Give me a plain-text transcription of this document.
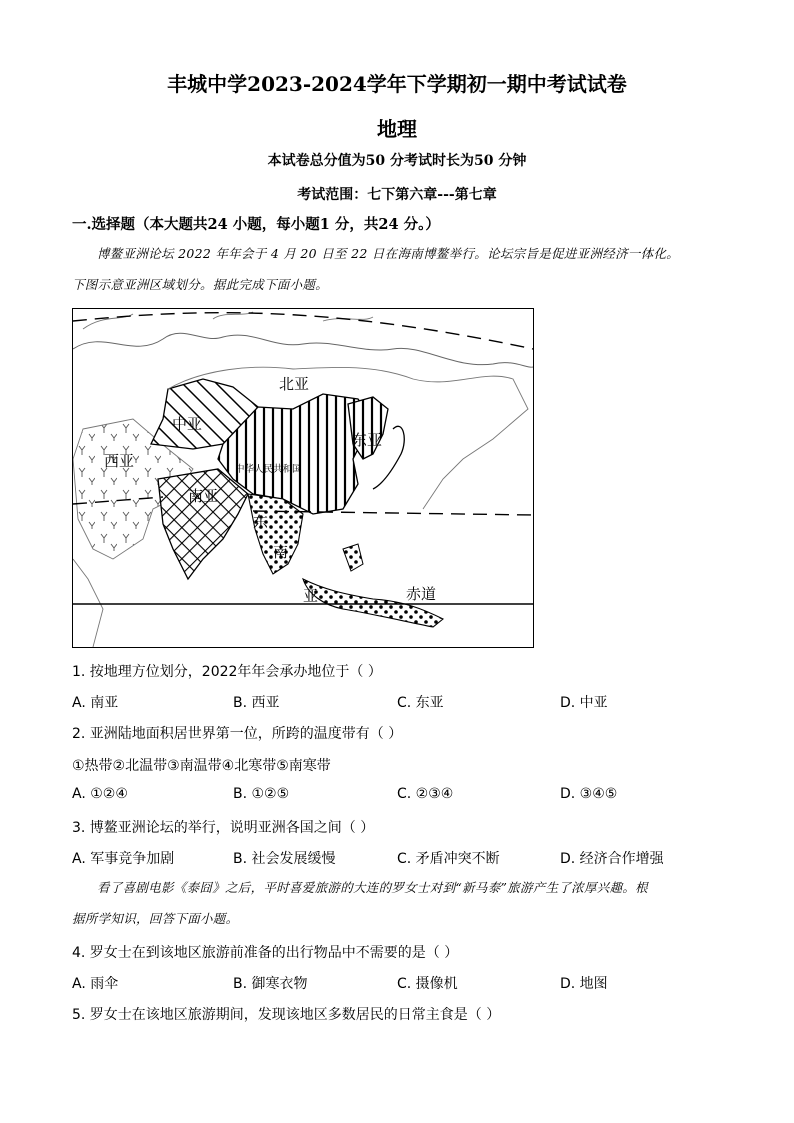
丰城中学2023-2024学年下学期初一期中考试试卷
地理
本试卷总分值为50 分考试时长为50 分钟
考试范围：七下第六章---第七章
一.选择题（本大题共24 小题，每小题1 分，共24 分。）

博鳌亚洲论坛 2022 年年会于 4 月 20 日至 22 日在海南博鳌举行。论坛宗旨是促进亚洲经济一体化。

下图示意亚洲区域划分。据此完成下面小题。

北亚
中亚
东亚
西亚	中华人民共和国
南亚
东
南
亚	赤道
1. 按地理方位划分，2022年年会承办地位于（ ）
A. 南亚	B. 西亚	C. 东亚	D. 中亚
2. 亚洲陆地面积居世界第一位，所跨的温度带有（ ）
①热带②北温带③南温带④北寒带⑤南寒带
A. ①②④	B. ①②⑤	C. ②③④	D. ③④⑤
3. 博鳌亚洲论坛的举行，说明亚洲各国之间（ ）
A. 军事竞争加剧	B. 社会发展缓慢	C. 矛盾冲突不断	D. 经济合作增强

看了喜剧电影《泰囧》之后，平时喜爱旅游的大连的罗女士对到“新马泰”旅游产生了浓厚兴趣。根

据所学知识，回答下面小题。

4. 罗女士在到该地区旅游前准备的出行物品中不需要的是（ ）
A. 雨伞	B. 御寒衣物	C. 摄像机	D. 地图
5. 罗女士在该地区旅游期间，发现该地区多数居民的日常主食是（ ）
